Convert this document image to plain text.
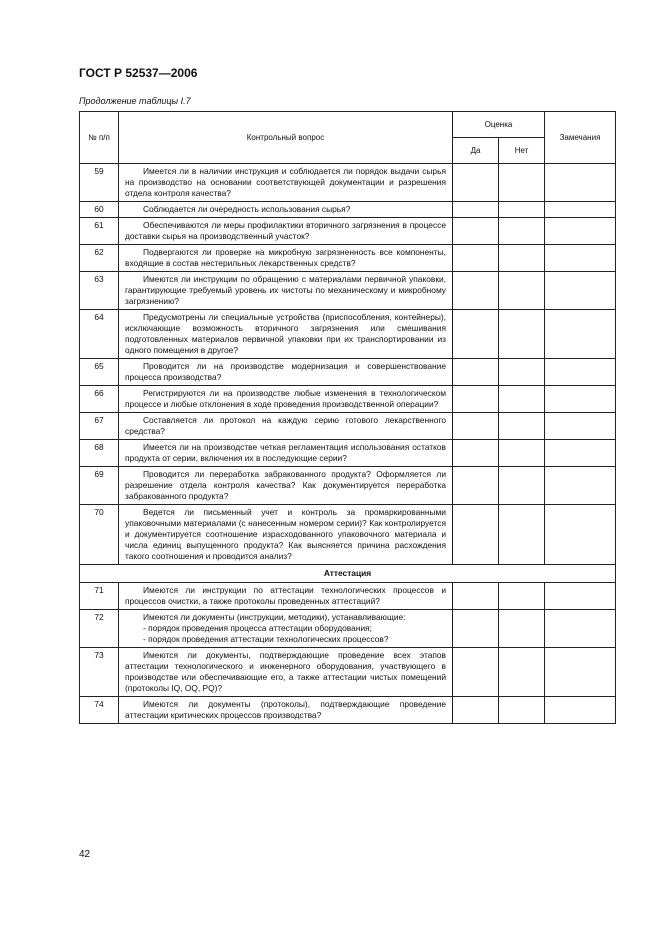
ГОСТ Р 52537—2006
Продолжение таблицы I.7
№ п/п	Контрольный вопрос	Оценка		Замечания
		Да	Нет	
59	Имеется ли в наличии инструкция и соблюдается ли порядок выдачи сырья на производство на основании соответствующей документации и разрешения отдела контроля качества?			

60	Соблюдается ли очередность использования сырья?			

61	Обеспечиваются ли меры профилактики вторичного загрязнения в процессе доставки сырья на производственный участок?			

62	Подвергаются ли проверке на микробную загрязненность все компоненты, входящие в состав нестерильных лекарственных средств?			

63	Имеются ли инструкции по обращению с материалами первичной упаковки, гарантирующие требуемый уровень их чистоты по механическому и микробному загрязнению?			

64	Предусмотрены ли специальные устройства (приспособления, контейнеры), исключающие возможность вторичного загрязнения или смешивания подготовленных материалов первичной упаковки при их транспортировании из одного помещения в другое?			

65	Проводится ли на производстве модернизация и совершенствование процесса производства?			

66	Регистрируются ли на производстве любые изменения в технологическом процессе и любые отклонения в ходе проведения производственной операции?			

67	Составляется ли протокол на каждую серию готового лекарственного средства?			

68	Имеется ли на производстве четкая регламентация использования остатков продукта от серии, включения их в последующие серии?			

69	Проводится ли переработка забракованного продукта? Оформляется ли разрешение отдела контроля качества? Как документируется переработка забракованного продукта?			

70	Ведется ли письменный учет и контроль за промаркированными упаковочными материалами (с нанесенным номером серии)? Как контролируется и документируется соотношение израсходованного упаковочного материала и числа единиц выпущенного продукта? Как выясняется причина расхождения такого соотношения и проводится анализ?			

Аттестация				
71	Имеются ли инструкции по аттестации технологических процессов и процессов очистки, а также протоколы проведенных аттестаций?			

72	Имеются ли документы (инструкции, методики), устанавливающие:
- порядок проведения процесса аттестации оборудования;
- порядок проведения аттестации технологических процессов?			

73	Имеются ли документы, подтверждающие проведение всех этапов аттестации технологического и инженерного оборудования, участвующего в производстве или обеспечивающие его, а также аттестации чистых помещений (протоколы IQ, OQ, PQ)?			

74	Имеются ли документы (протоколы), подтверждающие проведение аттестации критических процессов производства?			

42
